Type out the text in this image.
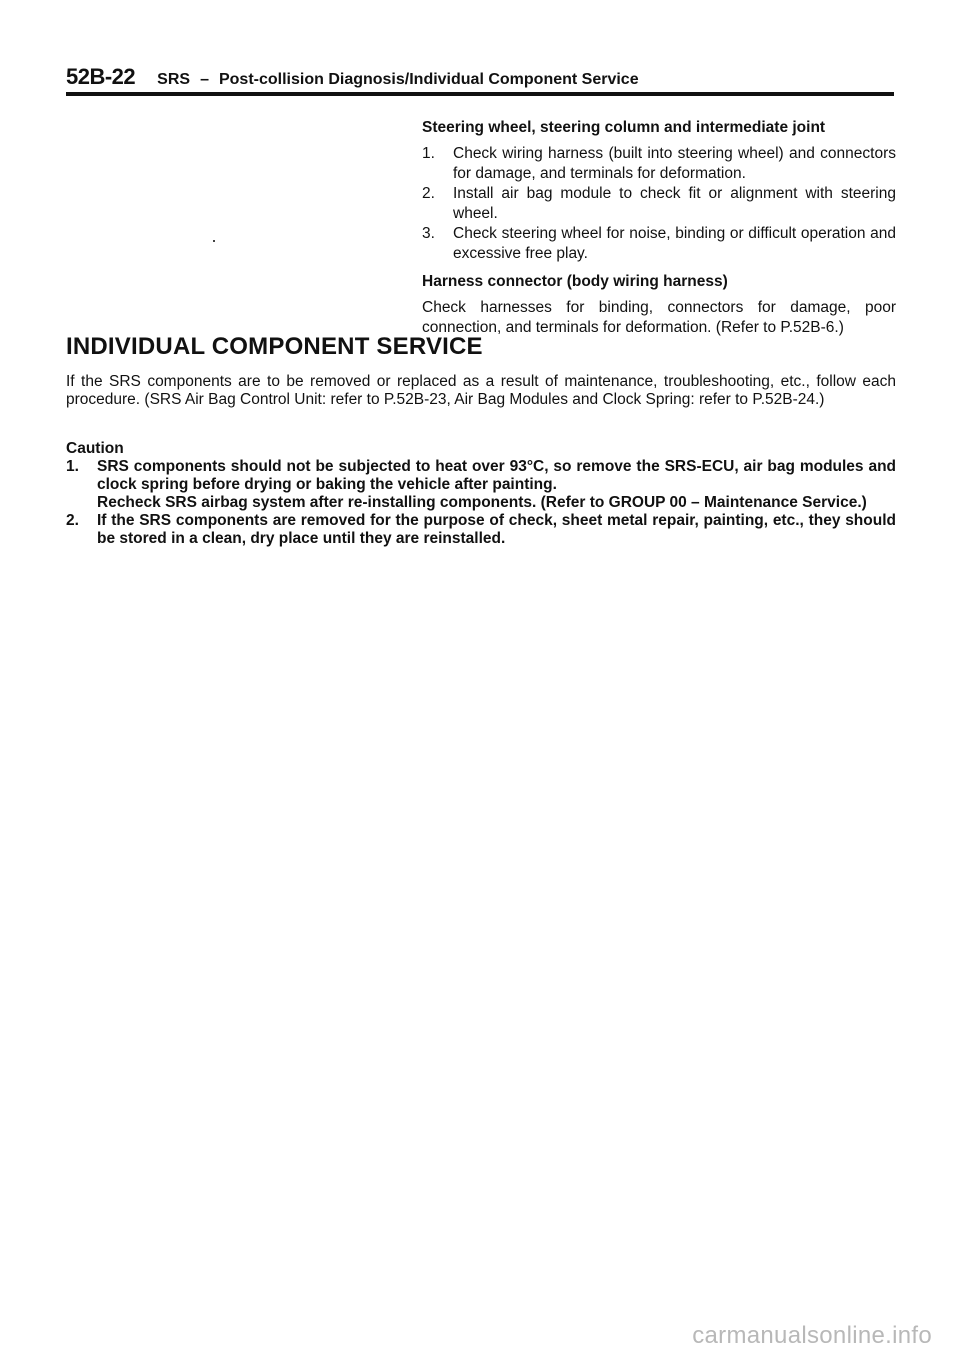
52B-22 SRS – Post-collision Diagnosis/Individual Component Service

Steering wheel, steering column and intermediate joint

1.	Check wiring harness (built into steering wheel) and connectors for damage, and terminals for deformation.
2.	Install air bag module to check fit or alignment with steering wheel.
3.	Check steering wheel for noise, binding or difficult operation and excessive free play.

Harness connector (body wiring harness)

Check harnesses for binding, connectors for damage, poor connection, and terminals for deformation. (Refer to P.52B-6.)

INDIVIDUAL COMPONENT SERVICE

If the SRS components are to be removed or replaced as a result of maintenance, troubleshooting, etc., follow each procedure. (SRS Air Bag Control Unit: refer to P.52B-23, Air Bag Modules and Clock Spring: refer to P.52B-24.)

Caution

1.	SRS components should not be subjected to heat over 93°C, so remove the SRS-ECU, air bag modules and clock spring before drying or baking the vehicle after painting.

Recheck SRS airbag system after re-installing components. (Refer to GROUP 00 – Maintenance Service.)

2.	If the SRS components are removed for the purpose of check, sheet metal repair, painting, etc., they should be stored in a clean, dry place until they are reinstalled.

carmanualsonline.info
